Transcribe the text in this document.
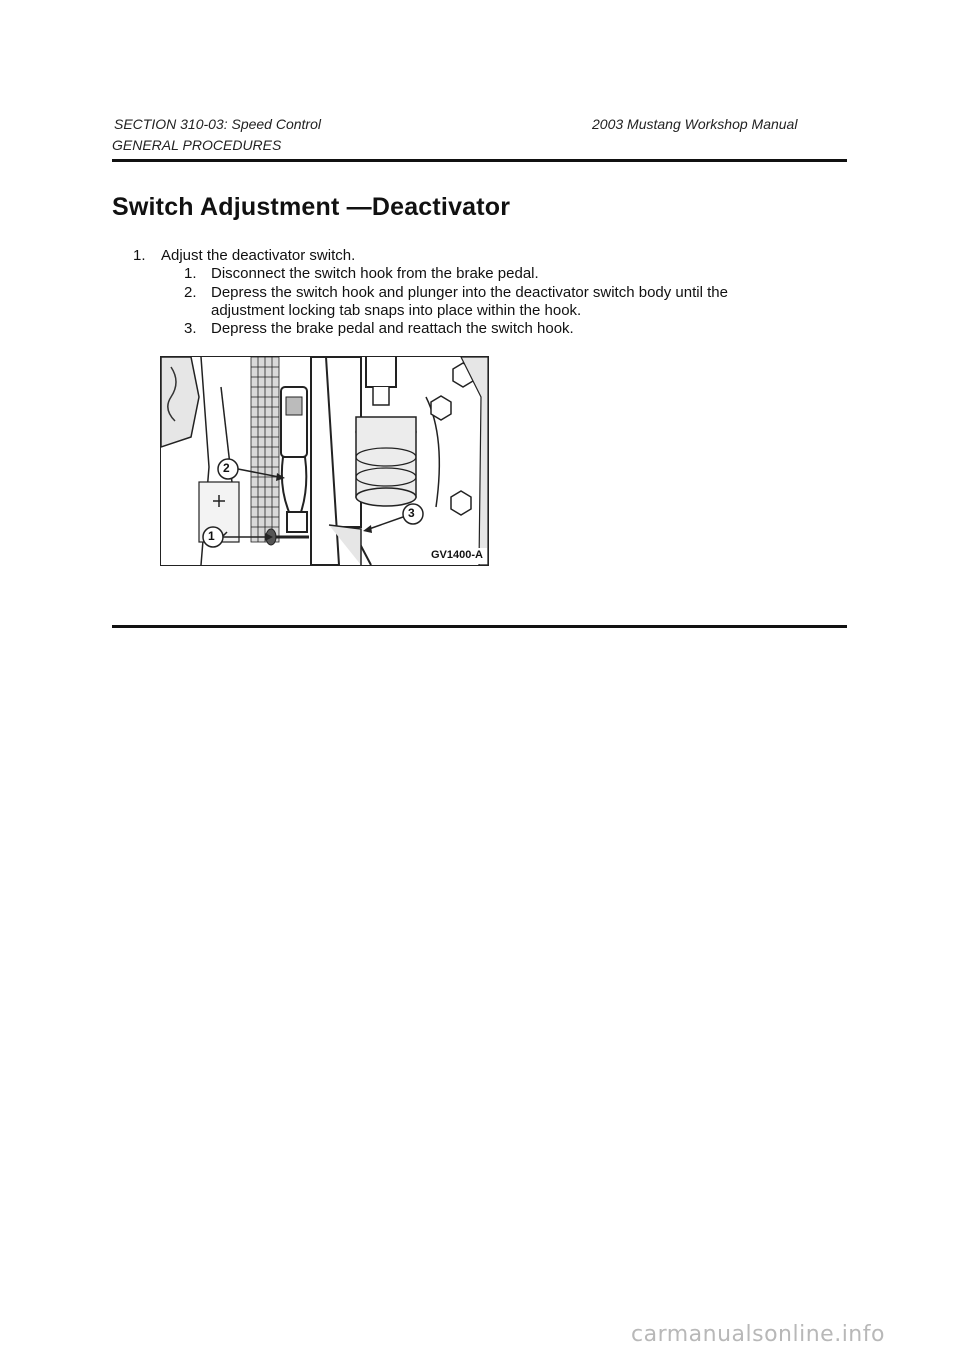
SECTION 310-03: Speed Control	2003 Mustang Workshop Manual
GENERAL PROCEDURES
Switch Adjustment —Deactivator
1. Adjust the deactivator switch.
1. Disconnect the switch hook from the brake pedal.
2. Depress the switch hook and plunger into the deactivator switch body until the
adjustment locking tab snaps into place within the hook.
3. Depress the brake pedal and reattach the switch hook.
1
2
3
GV1400-A
carmanualsonline.info
